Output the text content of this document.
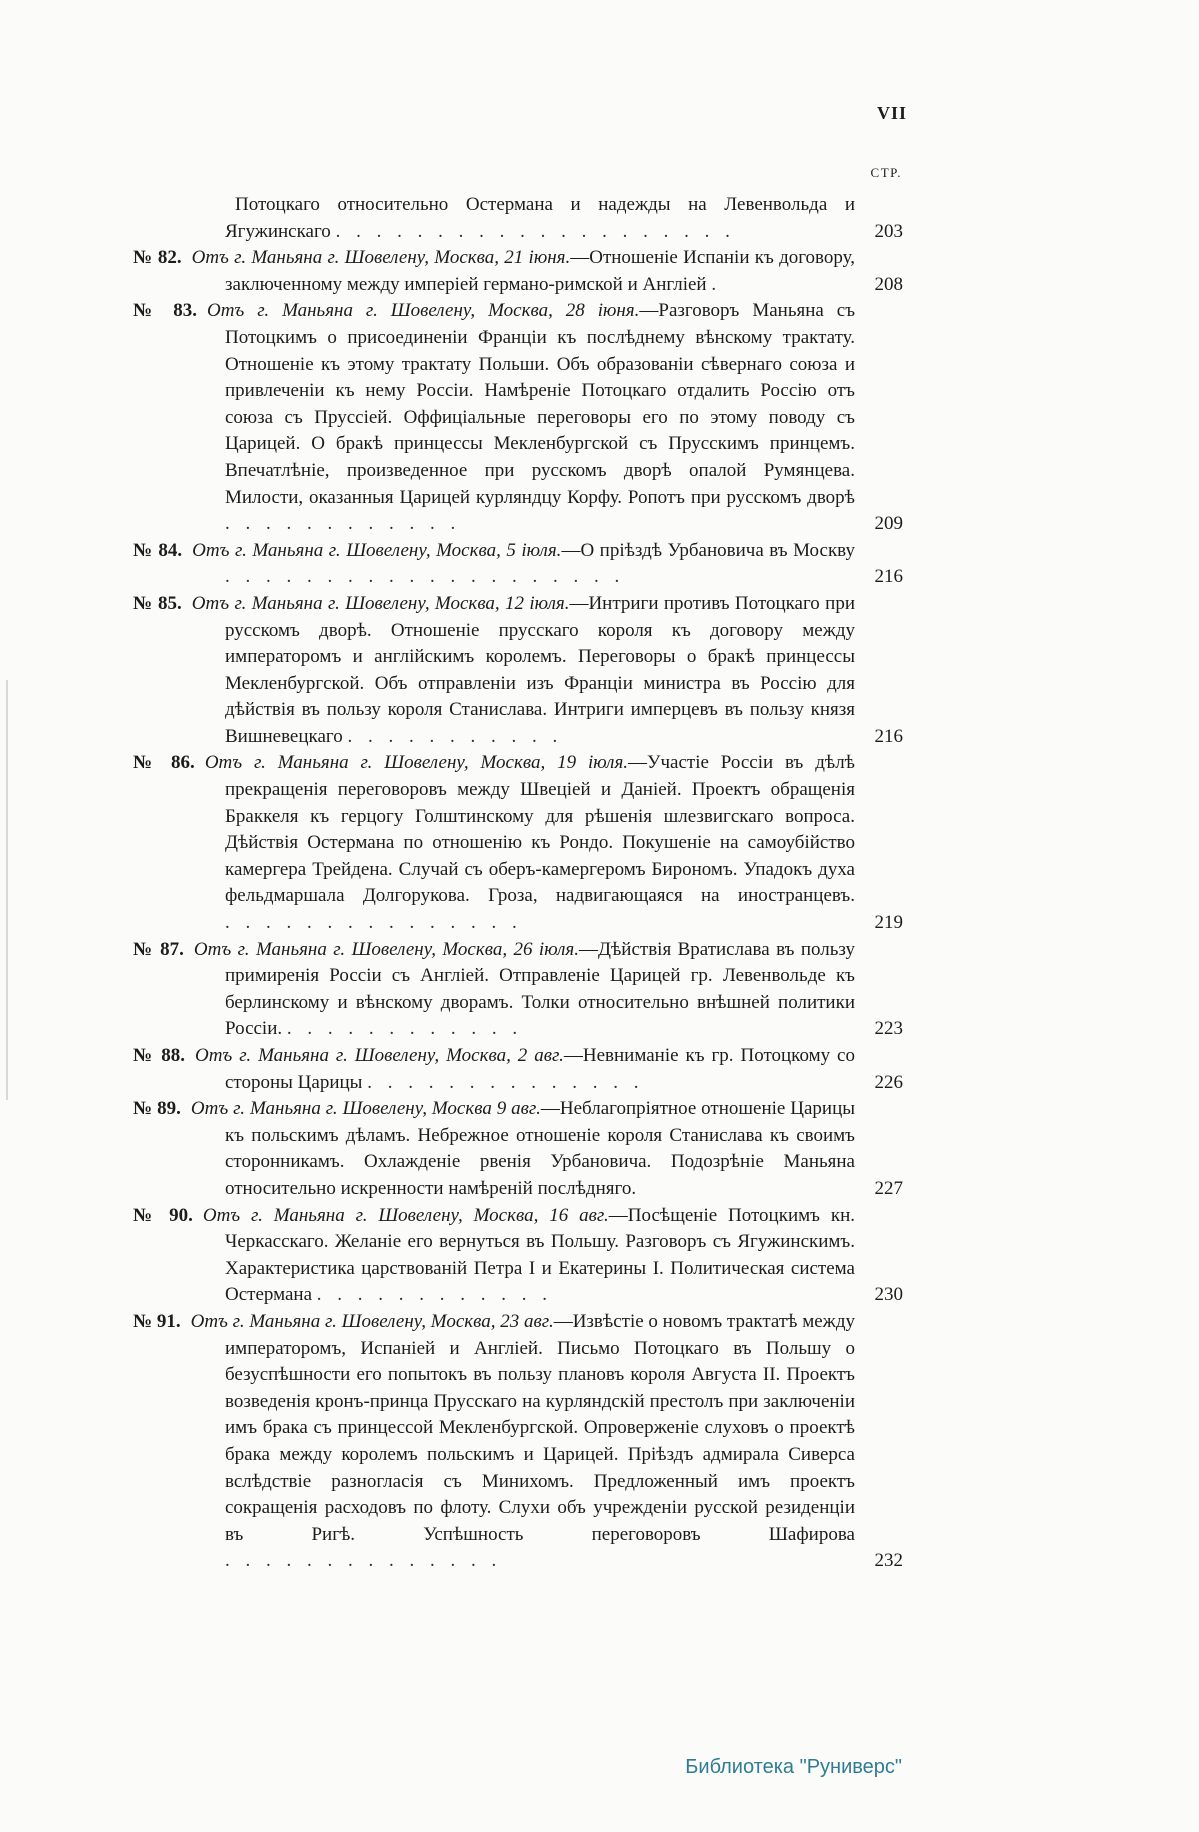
VII
СТР.
Потоцкаго относительно Остермана и надежды на Левенвольда и Ягужинскаго . . . . . . . . . . . . . . . . . . . .	203
№ 82. Отъ г. Маньяна г. Шовелену, Москва, 21 іюня.—Отношеніе Испаніи къ договору, заключенному между имперіей германо-римской и Англіей .	208
№ 83. Отъ г. Маньяна г. Шовелену, Москва, 28 іюня.—Разговоръ Маньяна съ Потоцкимъ о присоединеніи Франціи къ послѣднему вѣнскому трактату. Отношеніе къ этому трактату Польши. Объ образованіи сѣвернаго союза и привлеченіи къ нему Россіи. Намѣреніе Потоцкаго отдалить Россію отъ союза съ Пруссіей. Оффиціальные переговоры его по этому поводу съ Царицей. О бракѣ принцессы Мекленбургской съ Прусскимъ принцемъ. Впечатлѣніе, произведенное при русскомъ дворѣ опалой Румянцева. Милости, оказанныя Царицей курляндцу Корфу. Ропотъ при русскомъ дворѣ . . . . . . . . . . . .	209
№ 84. Отъ г. Маньяна г. Шовелену, Москва, 5 іюля.—О пріѣздѣ Урбановича въ Москву . . . . . . . . . . . . . . . . . . . .	216
№ 85. Отъ г. Маньяна г. Шовелену, Москва, 12 іюля.—Интриги противъ Потоцкаго при русскомъ дворѣ. Отношеніе прусскаго короля къ договору между императоромъ и англійскимъ королемъ. Переговоры о бракѣ принцессы Мекленбургской. Объ отправленіи изъ Франціи министра въ Россію для дѣйствія въ пользу короля Станислава. Интриги имперцевъ въ пользу князя Вишневецкаго . . . . . . . . . . .	216
№ 86. Отъ г. Маньяна г. Шовелену, Москва, 19 іюля.—Участіе Россіи въ дѣлѣ прекращенія переговоровъ между Швеціей и Даніей. Проектъ обращенія Браккеля къ герцогу Голштинскому для рѣшенія шлезвигскаго вопроса. Дѣйствія Остермана по отношенію къ Рондо. Покушеніе на самоубійство камергера Трейдена. Случай съ оберъ-камергеромъ Бирономъ. Упадокъ духа фельдмаршала Долгорукова. Гроза, надвигающаяся на иностранцевъ. . . . . . . . . . . . . . . .	219
№ 87. Отъ г. Маньяна г. Шовелену, Москва, 26 іюля.—Дѣйствія Вратислава въ пользу примиренія Россіи съ Англіей. Отправленіе Царицей гр. Левенвольде къ берлинскому и вѣнскому дворамъ. Толки относительно внѣшней политики Россіи. . . . . . . . . . . . .	223
№ 88. Отъ г. Маньяна г. Шовелену, Москва, 2 авг.—Невниманіе къ гр. Потоцкому со стороны Царицы . . . . . . . . . . . . . .	226
№ 89. Отъ г. Маньяна г. Шовелену, Москва 9 авг.—Неблагопріятное отношеніе Царицы къ польскимъ дѣламъ. Небрежное отношеніе короля Станислава къ своимъ сторонникамъ. Охлажденіе рвенія Урбановича. Подозрѣніе Маньяна относительно искренности намѣреній послѣдняго.	227
№ 90. Отъ г. Маньяна г. Шовелену, Москва, 16 авг.—Посѣщеніе Потоцкимъ кн. Черкасскаго. Желаніе его вернуться въ Польшу. Разговоръ съ Ягужинскимъ. Характеристика царствованій Петра I и Екатерины I. Политическая система Остермана . . . . . . . . . . . .	230
№ 91. Отъ г. Маньяна г. Шовелену, Москва, 23 авг.—Извѣстіе о новомъ трактатѣ между императоромъ, Испаніей и Англіей. Письмо Потоцкаго въ Польшу о безуспѣшности его попытокъ въ пользу плановъ короля Августа II. Проектъ возведенія кронъ-принца Прусскаго на курляндскій престолъ при заключеніи имъ брака съ принцессой Мекленбургской. Опроверженіе слуховъ о проектѣ брака между королемъ польскимъ и Царицей. Пріѣздъ адмирала Сиверса вслѣдствіе разногласія съ Минихомъ. Предложенный имъ проектъ сокращенія расходовъ по флоту. Слухи объ учрежденіи русской резиденціи въ Ригѣ. Успѣшность переговоровъ Шафирова . . . . . . . . . . . . . .	232
Библиотека "Руниверс"
